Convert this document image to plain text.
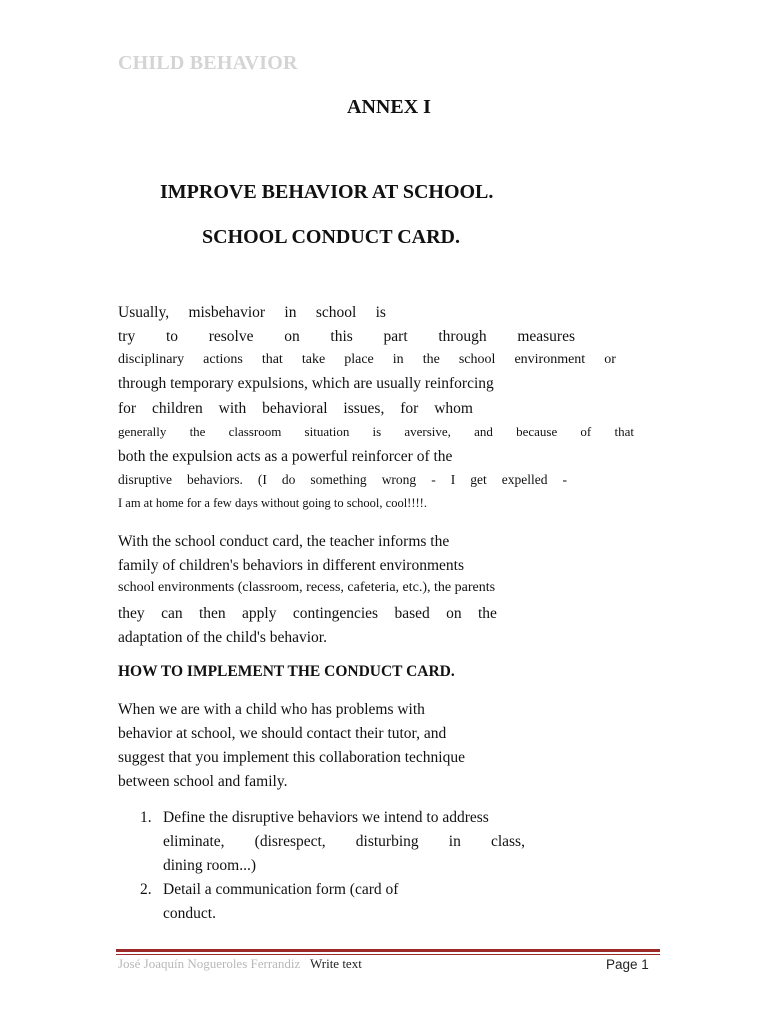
CHILD BEHAVIOR
ANNEX I
IMPROVE BEHAVIOR AT SCHOOL.
SCHOOL CONDUCT CARD.
Usually, misbehavior in school is
try to resolve on this part through measures
disciplinary actions that take place in the school environment or
through temporary expulsions, which are usually reinforcing
for children with behavioral issues, for whom
generally the classroom situation is aversive, and because of that
both the expulsion acts as a powerful reinforcer of the
disruptive behaviors. (I do something wrong - I get expelled -
I am at home for a few days without going to school, cool!!!!.
With the school conduct card, the teacher informs the
family of children's behaviors in different environments
school environments (classroom, recess, cafeteria, etc.), the parents
they can then apply contingencies based on the
adaptation of the child's behavior.
HOW TO IMPLEMENT THE CONDUCT CARD.
When we are with a child who has problems with
behavior at school, we should contact their tutor, and
suggest that you implement this collaboration technique
between school and family.
1. Define the disruptive behaviors we intend to address
eliminate, (disrespect, disturbing in class,
dining room...)
2. Detail a communication form (card of
conduct.
José Joaquín Nogueroles Ferrandiz Write text	Page 1
